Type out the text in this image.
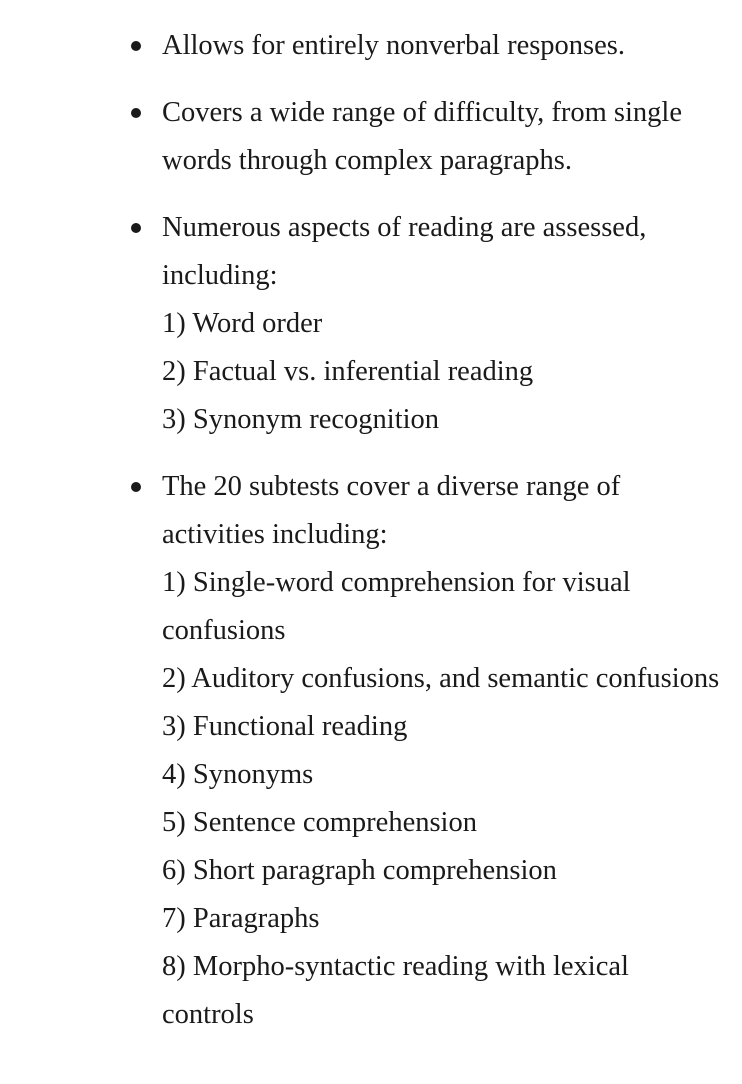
Allows for entirely nonverbal responses.
Covers a wide range of difficulty, from single words through complex paragraphs.
Numerous aspects of reading are assessed, including:
1) Word order
2) Factual vs. inferential reading
3) Synonym recognition
The 20 subtests cover a diverse range of activities including:
1) Single-word comprehension for visual confusions
2) Auditory confusions, and semantic confusions
3) Functional reading
4) Synonyms
5) Sentence comprehension
6) Short paragraph comprehension
7) Paragraphs
8) Morpho-syntactic reading with lexical controls
